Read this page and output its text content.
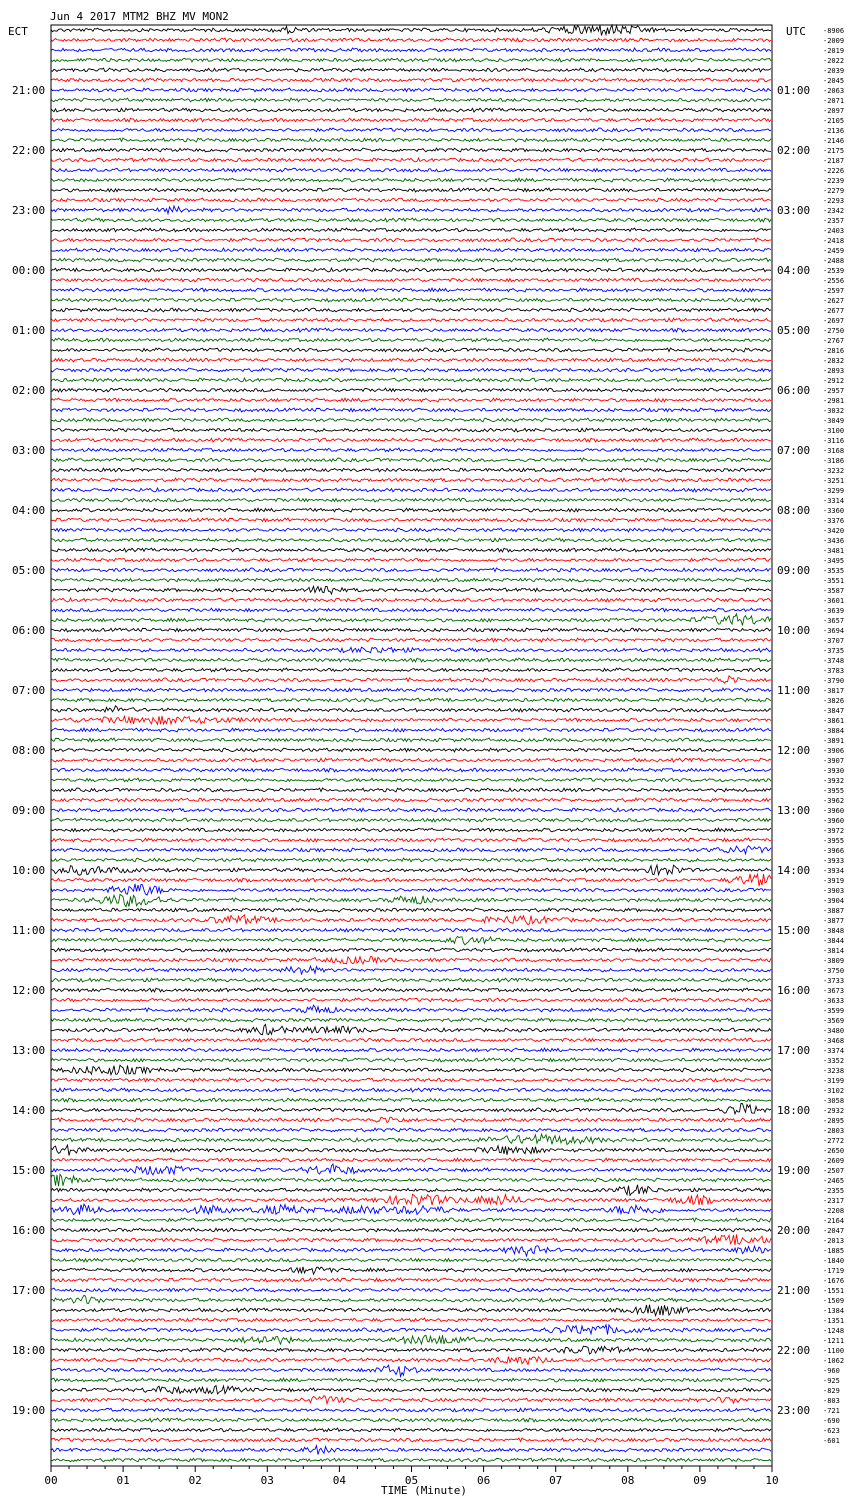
Jun 4 2017 MTM2 BHZ MV MON2
ECT	UTC
21:00
22:00
23:00
00:00
01:00
02:00
03:00
04:00
05:00
06:00
07:00
08:00
09:00
10:00
11:00
12:00
13:00
14:00
15:00
16:00
17:00
18:00
19:00
01:00
02:00
03:00
04:00
05:00
06:00
07:00
08:00
09:00
10:00
11:00
12:00
13:00
14:00
15:00
16:00
17:00
18:00
19:00
20:00
21:00
22:00
23:00
-8906
-2009
-2019
-2022
-2039
-2045
-2063
-2071
-2097
-2105
-2136
-2146
-2175
-2187
-2226
-2239
-2279
-2293
-2342
-2357
-2403
-2418
-2459
-2488
-2539
-2556
-2597
-2627
-2677
-2697
-2750
-2767
-2816
-2832
-2893
-2912
-2957
-2981
-3032
-3049
-3100
-3116
-3168
-3186
-3232
-3251
-3299
-3314
-3360
-3376
-3420
-3436
-3481
-3495
-3535
-3551
-3587
-3601
-3639
-3657
-3694
-3707
-3735
-3748
-3783
-3790
-3817
-3826
-3847
-3861
-3884
-3891
-3906
-3907
-3930
-3932
-3955
-3962
-3960
-3960
-3972
-3955
-3966
-3933
-3934
-3919
-3903
-3904
-3887
-3877
-3848
-3844
-3814
-3809
-3750
-3733
-3673
-3633
-3599
-3569
-3480
-3468
-3374
-3352
-3238
-3199
-3102
-3058
-2932
-2895
-2803
-2772
-2650
-2609
-2507
-2465
-2355
-2317
-2208
-2164
-2047
-2013
-1885
-1840
-1719
-1676
-1551
-1509
-1384
-1351
-1248
-1211
-1100
-1062
-960
-925
-829
-803
-721
-690
-623
-601
00	01	02	03	04	05	06	07	08	09	10
TIME (Minute)
